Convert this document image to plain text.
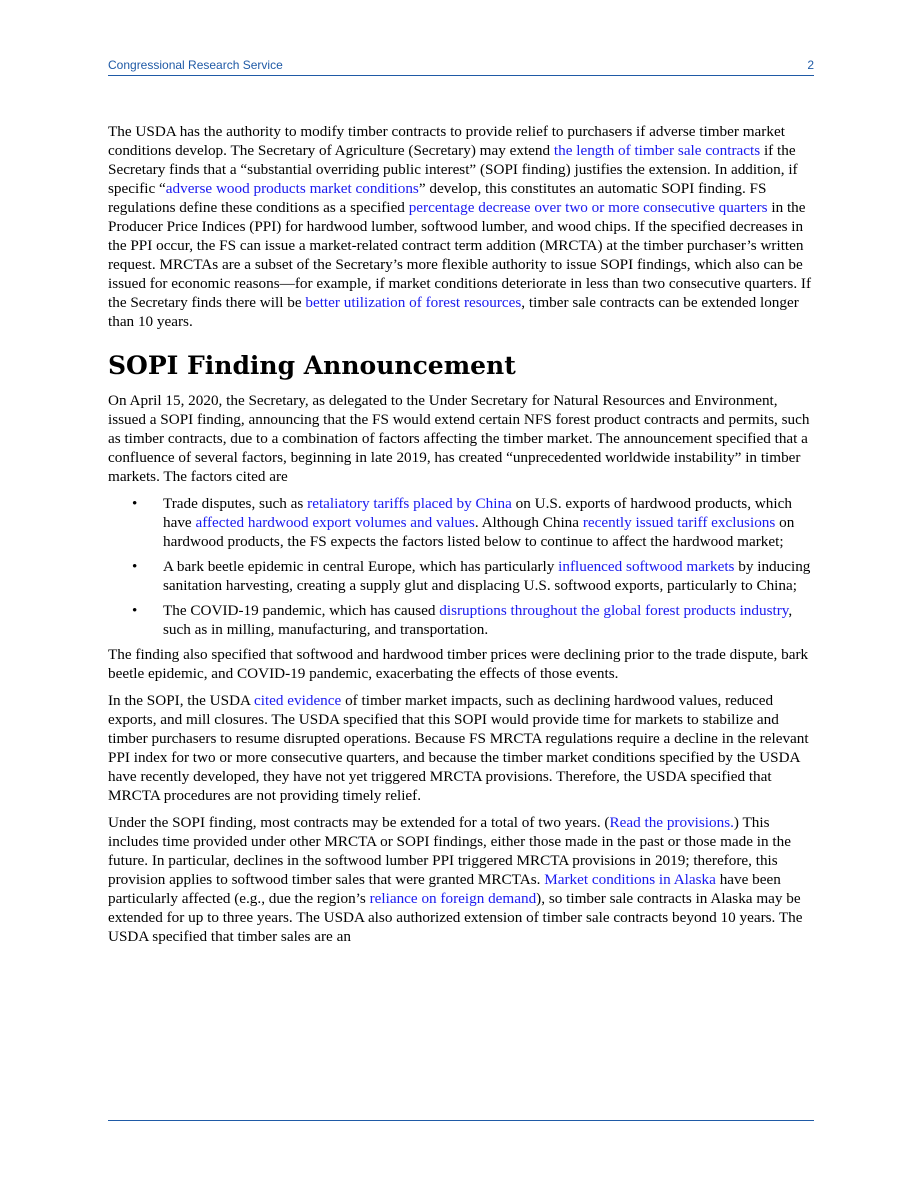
Congressional Research Service	2

The USDA has the authority to modify timber contracts to provide relief to purchasers if adverse timber market conditions develop. The Secretary of Agriculture (Secretary) may extend the length of timber sale contracts if the Secretary finds that a “substantial overriding public interest” (SOPI finding) justifies the extension. In addition, if specific “adverse wood products market conditions” develop, this constitutes an automatic SOPI finding. FS regulations define these conditions as a specified percentage decrease over two or more consecutive quarters in the Producer Price Indices (PPI) for hardwood lumber, softwood lumber, and wood chips. If the specified decreases in the PPI occur, the FS can issue a market-related contract term addition (MRCTA) at the timber purchaser’s written request. MRCTAs are a subset of the Secretary’s more flexible authority to issue SOPI findings, which also can be issued for economic reasons—for example, if market conditions deteriorate in less than two consecutive quarters. If the Secretary finds there will be better utilization of forest resources, timber sale contracts can be extended longer than 10 years.

SOPI Finding Announcement

On April 15, 2020, the Secretary, as delegated to the Under Secretary for Natural Resources and Environment, issued a SOPI finding, announcing that the FS would extend certain NFS forest product contracts and permits, such as timber contracts, due to a combination of factors affecting the timber market. The announcement specified that a confluence of several factors, beginning in late 2019, has created “unprecedented worldwide instability” in timber markets. The factors cited are

• Trade disputes, such as retaliatory tariffs placed by China on U.S. exports of hardwood products, which have affected hardwood export volumes and values. Although China recently issued tariff exclusions on hardwood products, the FS expects the factors listed below to continue to affect the hardwood market;
• A bark beetle epidemic in central Europe, which has particularly influenced softwood markets by inducing sanitation harvesting, creating a supply glut and displacing U.S. softwood exports, particularly to China;
• The COVID-19 pandemic, which has caused disruptions throughout the global forest products industry, such as in milling, manufacturing, and transportation.

The finding also specified that softwood and hardwood timber prices were declining prior to the trade dispute, bark beetle epidemic, and COVID-19 pandemic, exacerbating the effects of those events.

In the SOPI, the USDA cited evidence of timber market impacts, such as declining hardwood values, reduced exports, and mill closures. The USDA specified that this SOPI would provide time for markets to stabilize and timber purchasers to resume disrupted operations. Because FS MRCTA regulations require a decline in the relevant PPI index for two or more consecutive quarters, and because the timber market conditions specified by the USDA have recently developed, they have not yet triggered MRCTA provisions. Therefore, the USDA specified that MRCTA procedures are not providing timely relief.

Under the SOPI finding, most contracts may be extended for a total of two years. (Read the provisions.) This includes time provided under other MRCTA or SOPI findings, either those made in the past or those made in the future. In particular, declines in the softwood lumber PPI triggered MRCTA provisions in 2019; therefore, this provision applies to softwood timber sales that were granted MRCTAs. Market conditions in Alaska have been particularly affected (e.g., due the region’s reliance on foreign demand), so timber sale contracts in Alaska may be extended for up to three years. The USDA also authorized extension of timber sale contracts beyond 10 years. The USDA specified that timber sales are an
